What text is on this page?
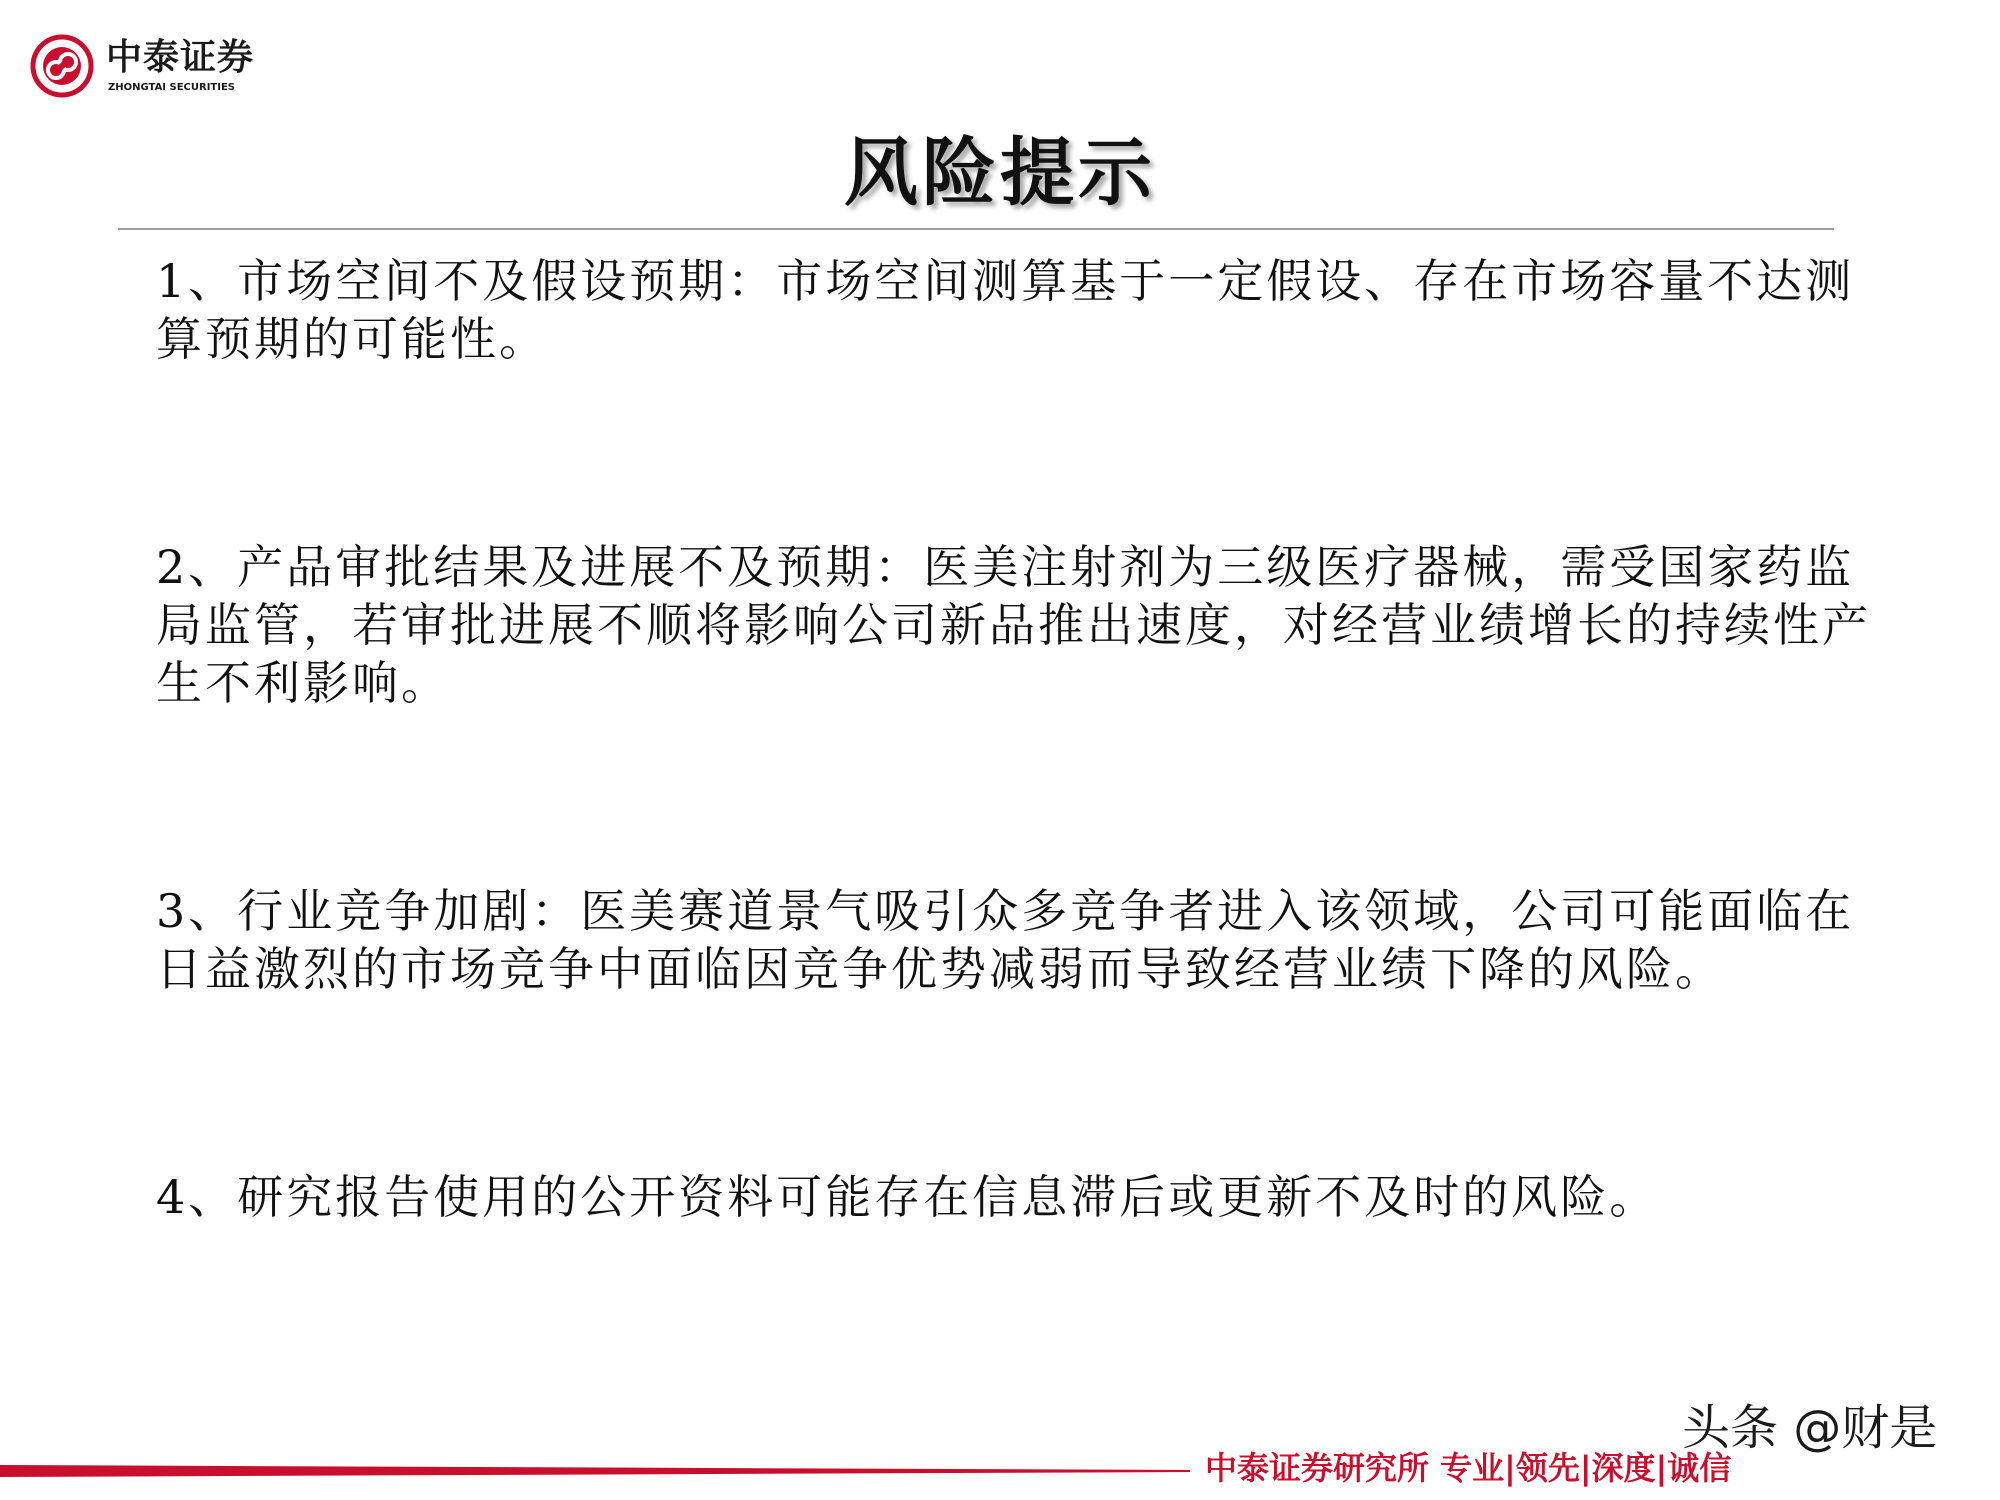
中泰证券
ZHONGTAI SECURITIES
风险提示

1、市场空间不及假设预期：市场空间测算基于一定假设、存在市场容量不达测算预期的可能性。

2、产品审批结果及进展不及预期：医美注射剂为三级医疗器械，需受国家药监局监管，若审批进展不顺将影响公司新品推出速度，对经营业绩增长的持续性产生不利影响。

3、行业竞争加剧：医美赛道景气吸引众多竞争者进入该领域，公司可能面临在日益激烈的市场竞争中面临因竞争优势减弱而导致经营业绩下降的风险。

4、研究报告使用的公开资料可能存在信息滞后或更新不及时的风险。

头条 @财是
中泰证券研究所 专业|领先|深度|诚信
